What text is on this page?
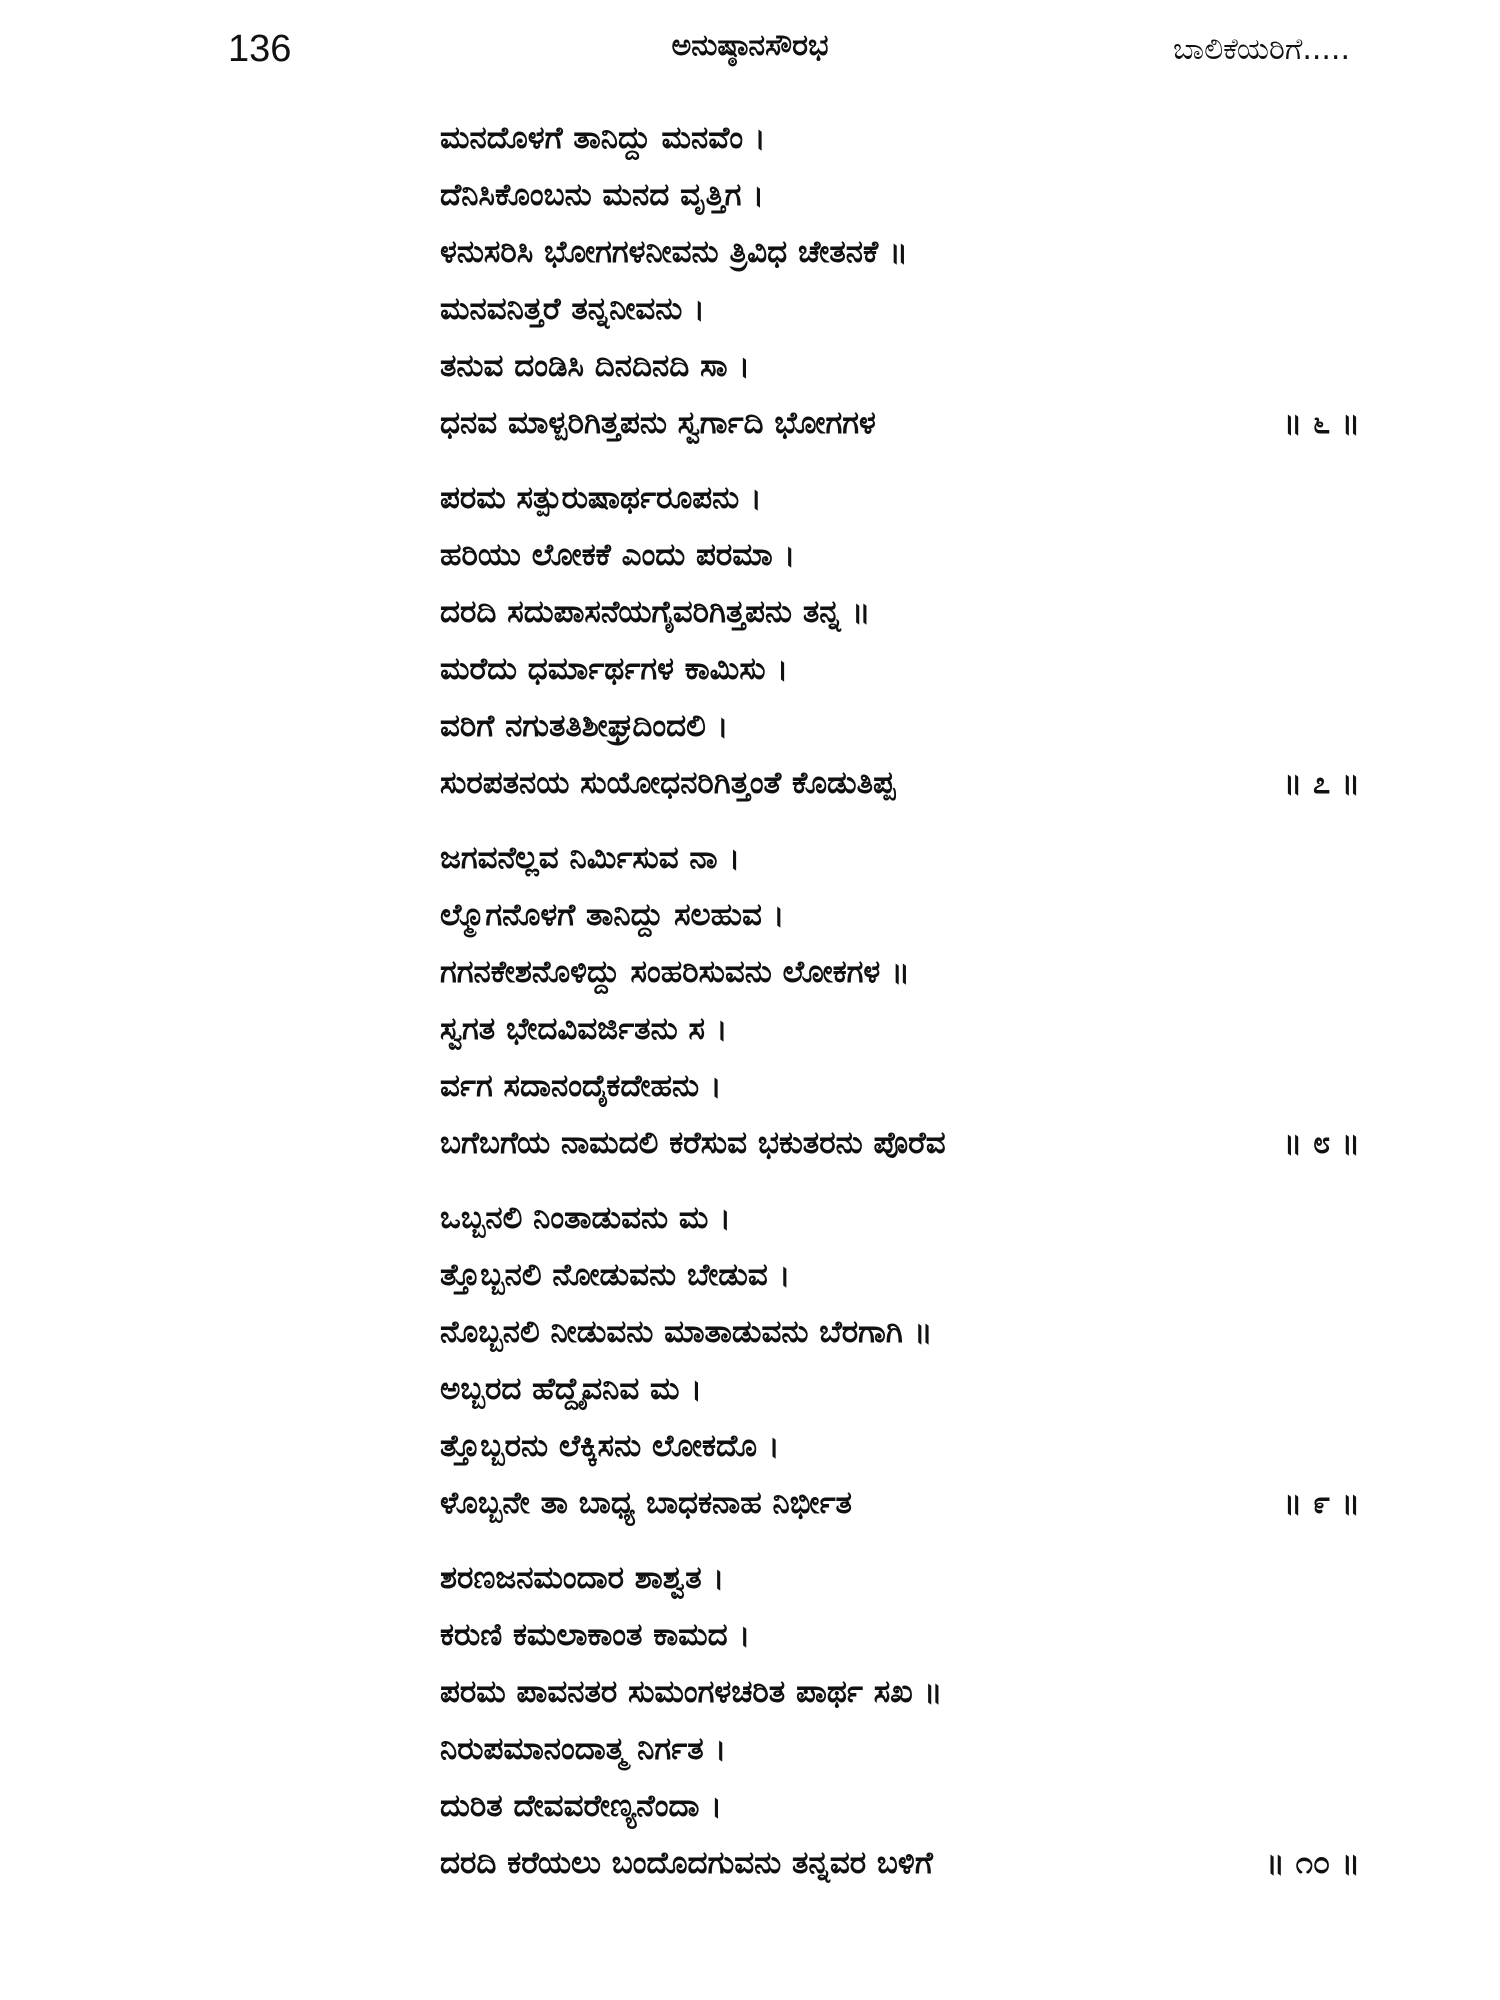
136	ಅನುಷ್ಠಾನಸೌರಭ	ಬಾಲಿಕೆಯರಿಗೆ.....
ಮನದೊಳಗೆ ತಾನಿದ್ದು ಮನವೆಂ ।
ದೆನಿಸಿಕೊಂಬನು ಮನದ ವೃತ್ತಿಗ ।
ಳನುಸರಿಸಿ ಭೋಗಗಳನೀವನು ತ್ರಿವಿಧ ಚೇತನಕೆ ॥
ಮನವನಿತ್ತರೆ ತನ್ನನೀವನು ।
ತನುವ ದಂಡಿಸಿ ದಿನದಿನದಿ ಸಾ ।
ಧನವ ಮಾಳ್ಪರಿಗಿತ್ತಪನು ಸ್ವರ್ಗಾದಿ ಭೋಗಗಳ	॥ ೬ ॥
ಪರಮ ಸತ್ಪುರುಷಾರ್ಥರೂಪನು ।
ಹರಿಯು ಲೋಕಕೆ ಎಂದು ಪರಮಾ ।
ದರದಿ ಸದುಪಾಸನೆಯಗೈವರಿಗಿತ್ತಪನು ತನ್ನ ॥
ಮರೆದು ಧರ್ಮಾರ್ಥಗಳ ಕಾಮಿಸು ।
ವರಿಗೆ ನಗುತತಿಶೀಘ್ರದಿಂದಲಿ ।
ಸುರಪತನಯ ಸುಯೋಧನರಿಗಿತ್ತಂತೆ ಕೊಡುತಿಪ್ಪ	॥ ೭ ॥
ಜಗವನೆಲ್ಲವ ನಿರ್ಮಿಸುವ ನಾ ।
ಲ್ಮೊಗನೊಳಗೆ ತಾನಿದ್ದು ಸಲಹುವ ।
ಗಗನಕೇಶನೊಳಿದ್ದು ಸಂಹರಿಸುವನು ಲೋಕಗಳ ॥
ಸ್ವಗತ ಭೇದವಿವರ್ಜಿತನು ಸ ।
ರ್ವಗ ಸದಾನಂದೈಕದೇಹನು ।
ಬಗೆಬಗೆಯ ನಾಮದಲಿ ಕರೆಸುವ ಭಕುತರನು ಪೊರೆವ	॥ ೮ ॥
ಒಬ್ಬನಲಿ ನಿಂತಾಡುವನು ಮ ।
ತ್ತೊಬ್ಬನಲಿ ನೋಡುವನು ಬೇಡುವ ।
ನೊಬ್ಬನಲಿ ನೀಡುವನು ಮಾತಾಡುವನು ಬೆರಗಾಗಿ ॥
ಅಬ್ಬರದ ಹೆದ್ದೈವನಿವ ಮ ।
ತ್ತೊಬ್ಬರನು ಲೆಕ್ಕಿಸನು ಲೋಕದೊ ।
ಳೊಬ್ಬನೇ ತಾ ಬಾಧ್ಯ ಬಾಧಕನಾಹ ನಿರ್ಭೀತ	॥ ೯ ॥
ಶರಣಜನಮಂದಾರ ಶಾಶ್ವತ ।
ಕರುಣಿ ಕಮಲಾಕಾಂತ ಕಾಮದ ।
ಪರಮ ಪಾವನತರ ಸುಮಂಗಳಚರಿತ ಪಾರ್ಥ ಸಖ ॥
ನಿರುಪಮಾನಂದಾತ್ಮ ನಿರ್ಗತ ।
ದುರಿತ ದೇವವರೇಣ್ಯನೆಂದಾ ।
ದರದಿ ಕರೆಯಲು ಬಂದೊದಗುವನು ತನ್ನವರ ಬಳಿಗೆ	॥ ೧೦ ॥
